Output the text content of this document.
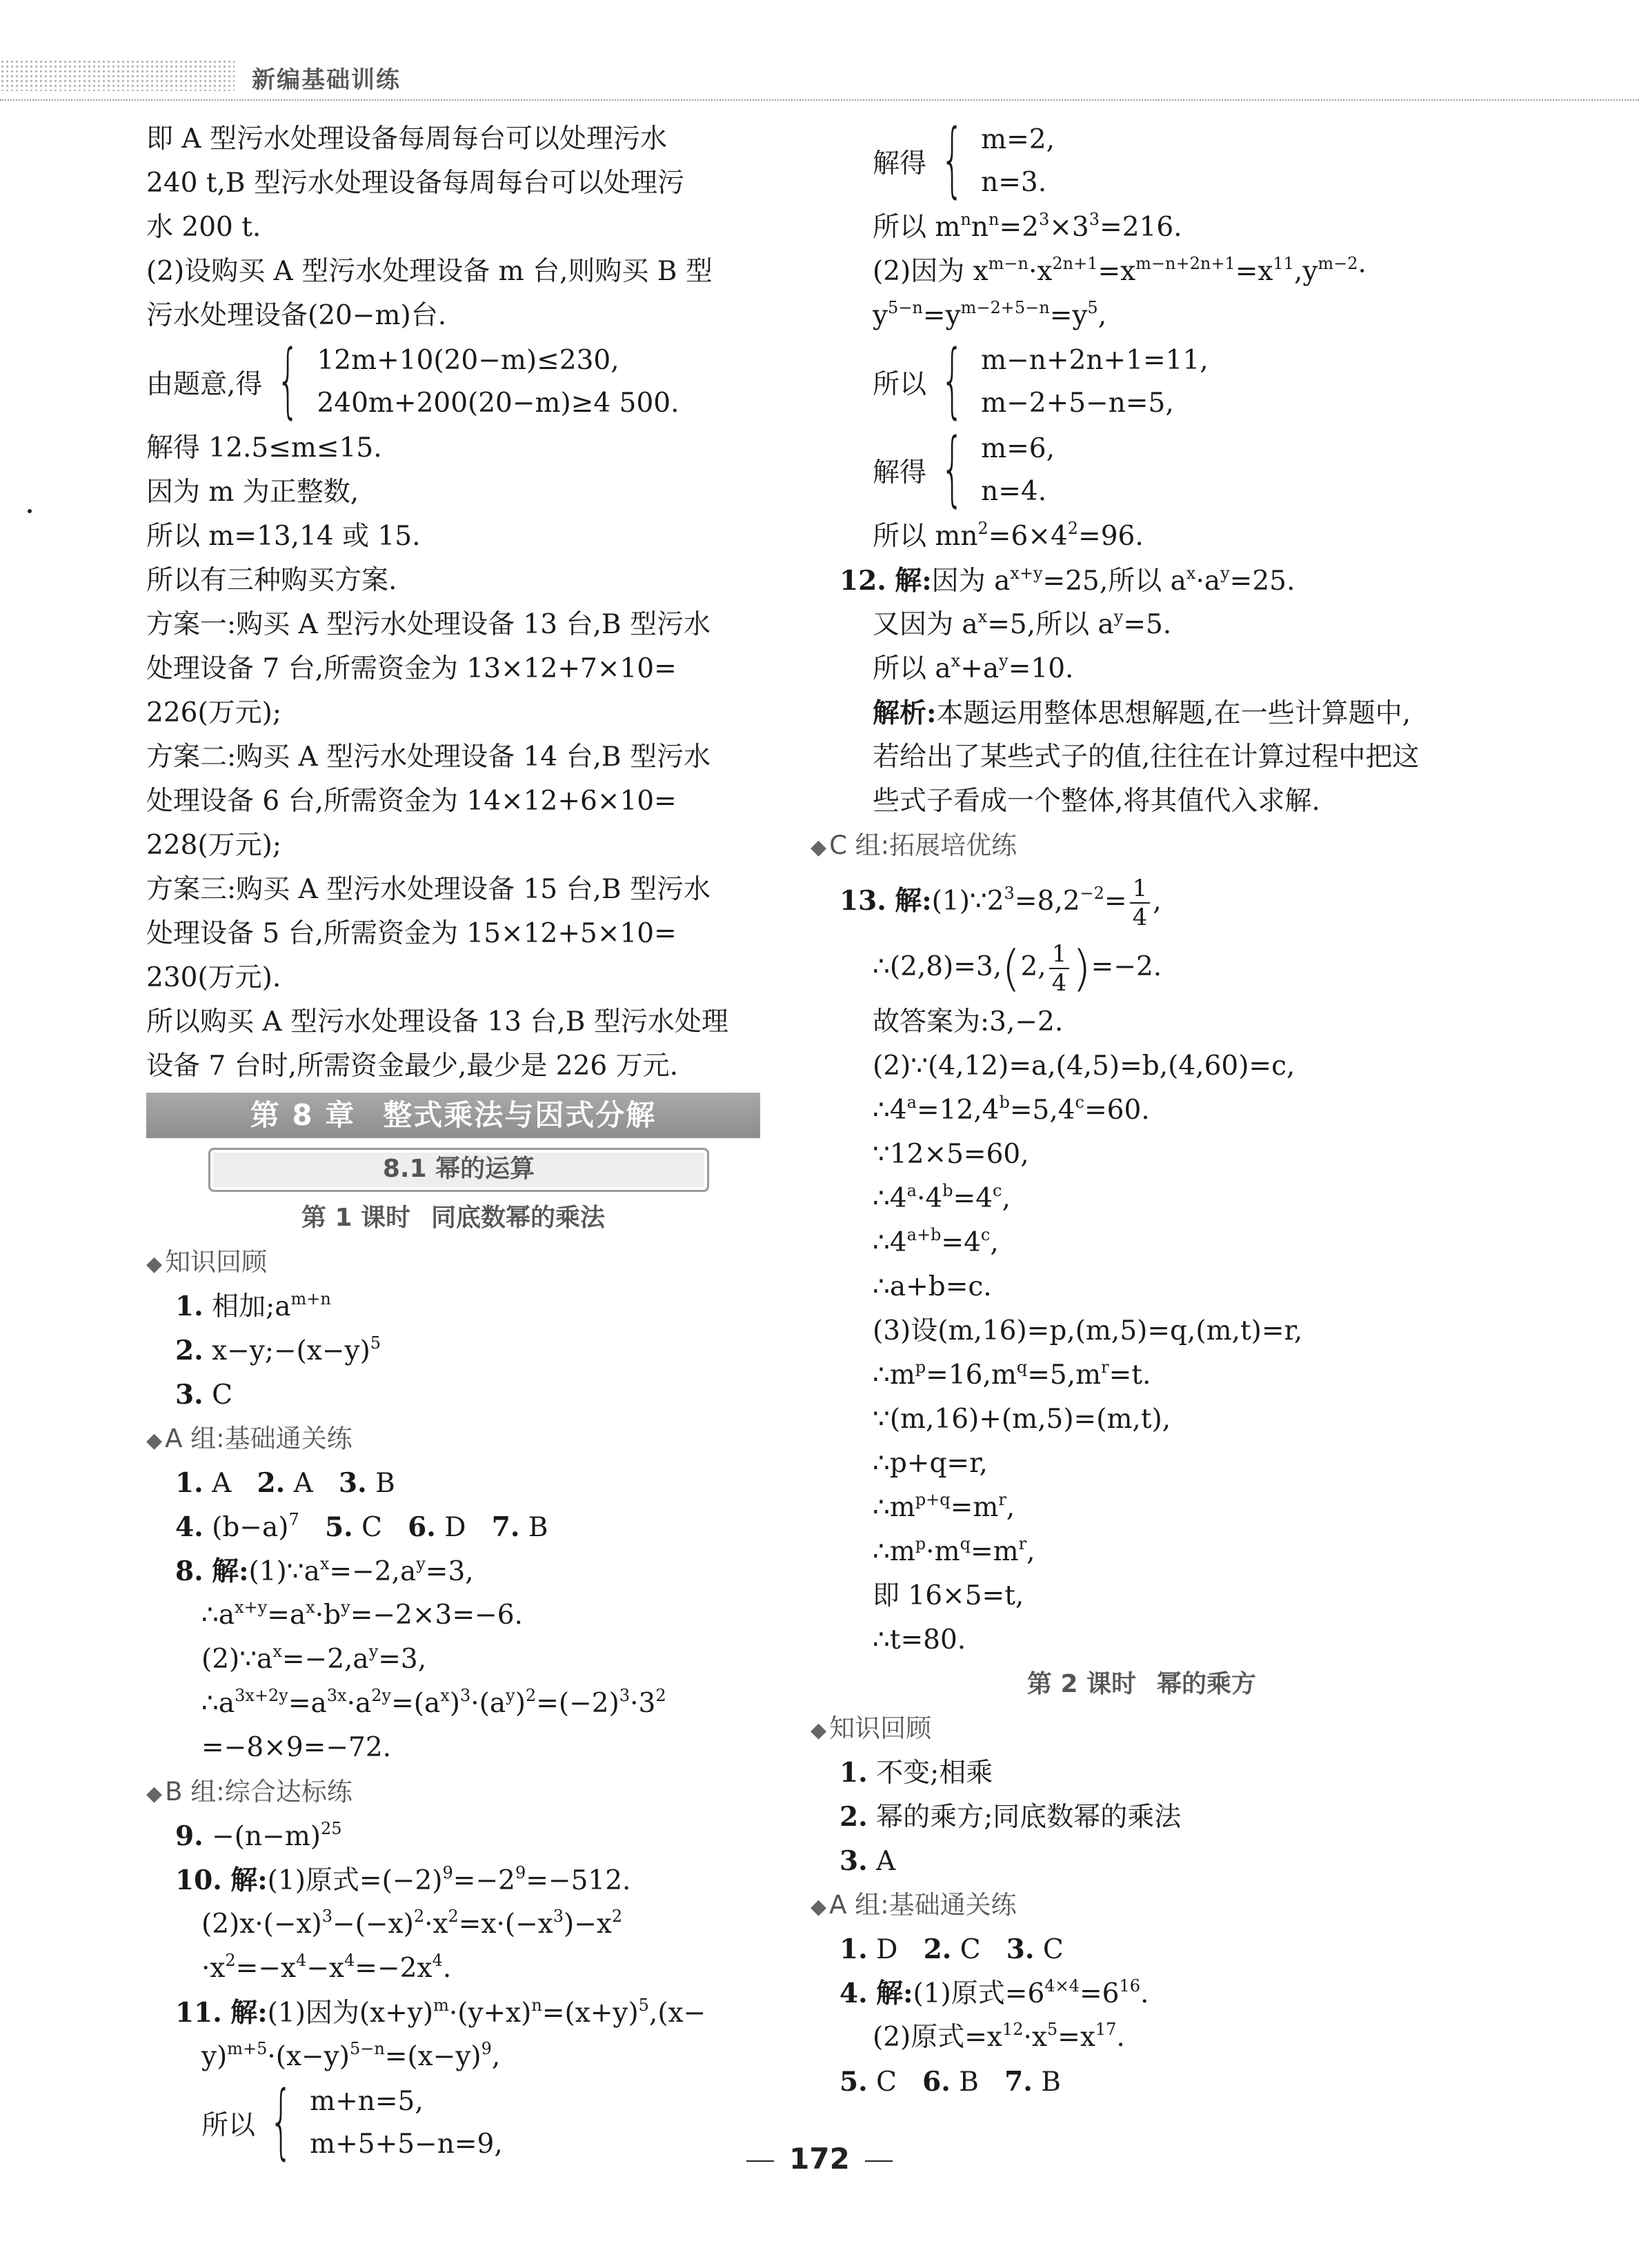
新编基础训练
即 A 型污水处理设备每周每台可以处理污水
240 t,B 型污水处理设备每周每台可以处理污
水 200 t.
(2)设购买 A 型污水处理设备 m 台,则购买 B 型
污水处理设备(20−m)台.
由题意,得 { 12m+10(20−m)≤230,
240m+200(20−m)≥4 500.
解得 12.5≤m≤15.
因为 m 为正整数,
所以 m=13,14 或 15.
所以有三种购买方案.
方案一:购买 A 型污水处理设备 13 台,B 型污水
处理设备 7 台,所需资金为 13×12+7×10=
226(万元);
方案二:购买 A 型污水处理设备 14 台,B 型污水
处理设备 6 台,所需资金为 14×12+6×10=
228(万元);
方案三:购买 A 型污水处理设备 15 台,B 型污水
处理设备 5 台,所需资金为 15×12+5×10=
230(万元).
所以购买 A 型污水处理设备 13 台,B 型污水处理
设备 7 台时,所需资金最少,最少是 226 万元.
第 8 章 整式乘法与因式分解
8.1 幂的运算
第 1 课时 同底数幂的乘法
◆ 知识回顾
1. 相加$;a^{m+n}$
2. $x-y;-(x-y)^5$
3. C
◆ A 组:基础通关练
1. A 2. A 3. B
4. $(b-a)^7$ 5. C 6. D 7. B
8. 解$:(1)\because a^x=-2,a^y=3$,
$\therefore a^{x+y}=a^x\cdot b^y=-2\times 3=-6$.
$(2)\because a^x=-2,a^y=3$,
$\therefore a^{3x+2y}=a^{3x}\cdot a^{2y}=(a^x)^3\cdot(a^y)^2=(-2)^3\cdot 3^2$
=−8×9=−72.
◆ B 组:综合达标练
9. $-(n-m)^{25}$
10. 解:(1)原式$=(-2)^9=-2^9=-512$.
$(2)x\cdot(-x)^3-(-x)^2\cdot x^2=x\cdot(-x^3)-x^2$
$\cdot x^2=-x^4-x^4=-2x^4$.
11. 解:(1)因为$(x+y)^m\cdot(y+x)^n=(x+y)^5,(x-$
$y)^{m+5}\cdot(x-y)^{5-n}=(x-y)^9$,
所以 { m+n=5,
m+5+5−n=9,
解得 { m=2,
n=3.
所以 $m^nn^n=2^3\times 3^3=216$.
(2)因为 $x^{m-n}\cdot x^{2n+1}=x^{m-n+2n+1}=x^{11},y^{m-2}\cdot$
$y^{5-n}=y^{m-2+5-n}=y^5$,
所以 { m−n+2n+1=11,
m−2+5−n=5,
解得 { m=6,
n=4.
所以 $mn^2=6\times 4^2=96$.
12. 解:因为 $a^{x+y}=25$,所以 $a^x\cdot a^y=25$.
又因为 $a^x=5$,所以 $a^y=5$.
所以 $a^x+a^y=10$.
解析:本题运用整体思想解题,在一些计算题中,
若给出了某些式子的值,往往在计算过程中把这
些式子看成一个整体,将其值代入求解.
◆ C 组:拓展培优练
13. 解$:(1)\because 2^3=8,2^{-2}= \frac{1}{4}$ ,
∴(2,8)=3,(2, $\frac{1}{4} )=-2$.
故答案为:3,−2.
(2)∵(4,12)=a,(4,5)=b,(4,60)=c,
$\therefore 4^a=12,4^b=5,4^c=60$.
∵12×5=60,
$\therefore 4^a\cdot 4^b=4^c$,
$\therefore 4^{a+b}=4^c$,
∴a+b=c.
(3)设(m,16)=p,(m,5)=q,(m,t)=r,
$\therefore m^p=16,m^q=5,m^r=t$.
∵(m,16)+(m,5)=(m,t),
∴p+q=r,
$\therefore m^{p+q}=m^r$,
$\therefore m^p\cdot m^q=m^r$,
即 16×5=t,
∴t=80.
第 2 课时 幂的乘方
◆ 知识回顾
1. 不变;相乘
2. 幂的乘方;同底数幂的乘法
3. A
◆ A 组:基础通关练
1. D 2. C 3. C
4. 解:(1)原式$=6^{4\times 4}=6^{16}$.
(2)原式$=x^{12}\cdot x^5=x^{17}$.
5. C 6. B 7. B
172
